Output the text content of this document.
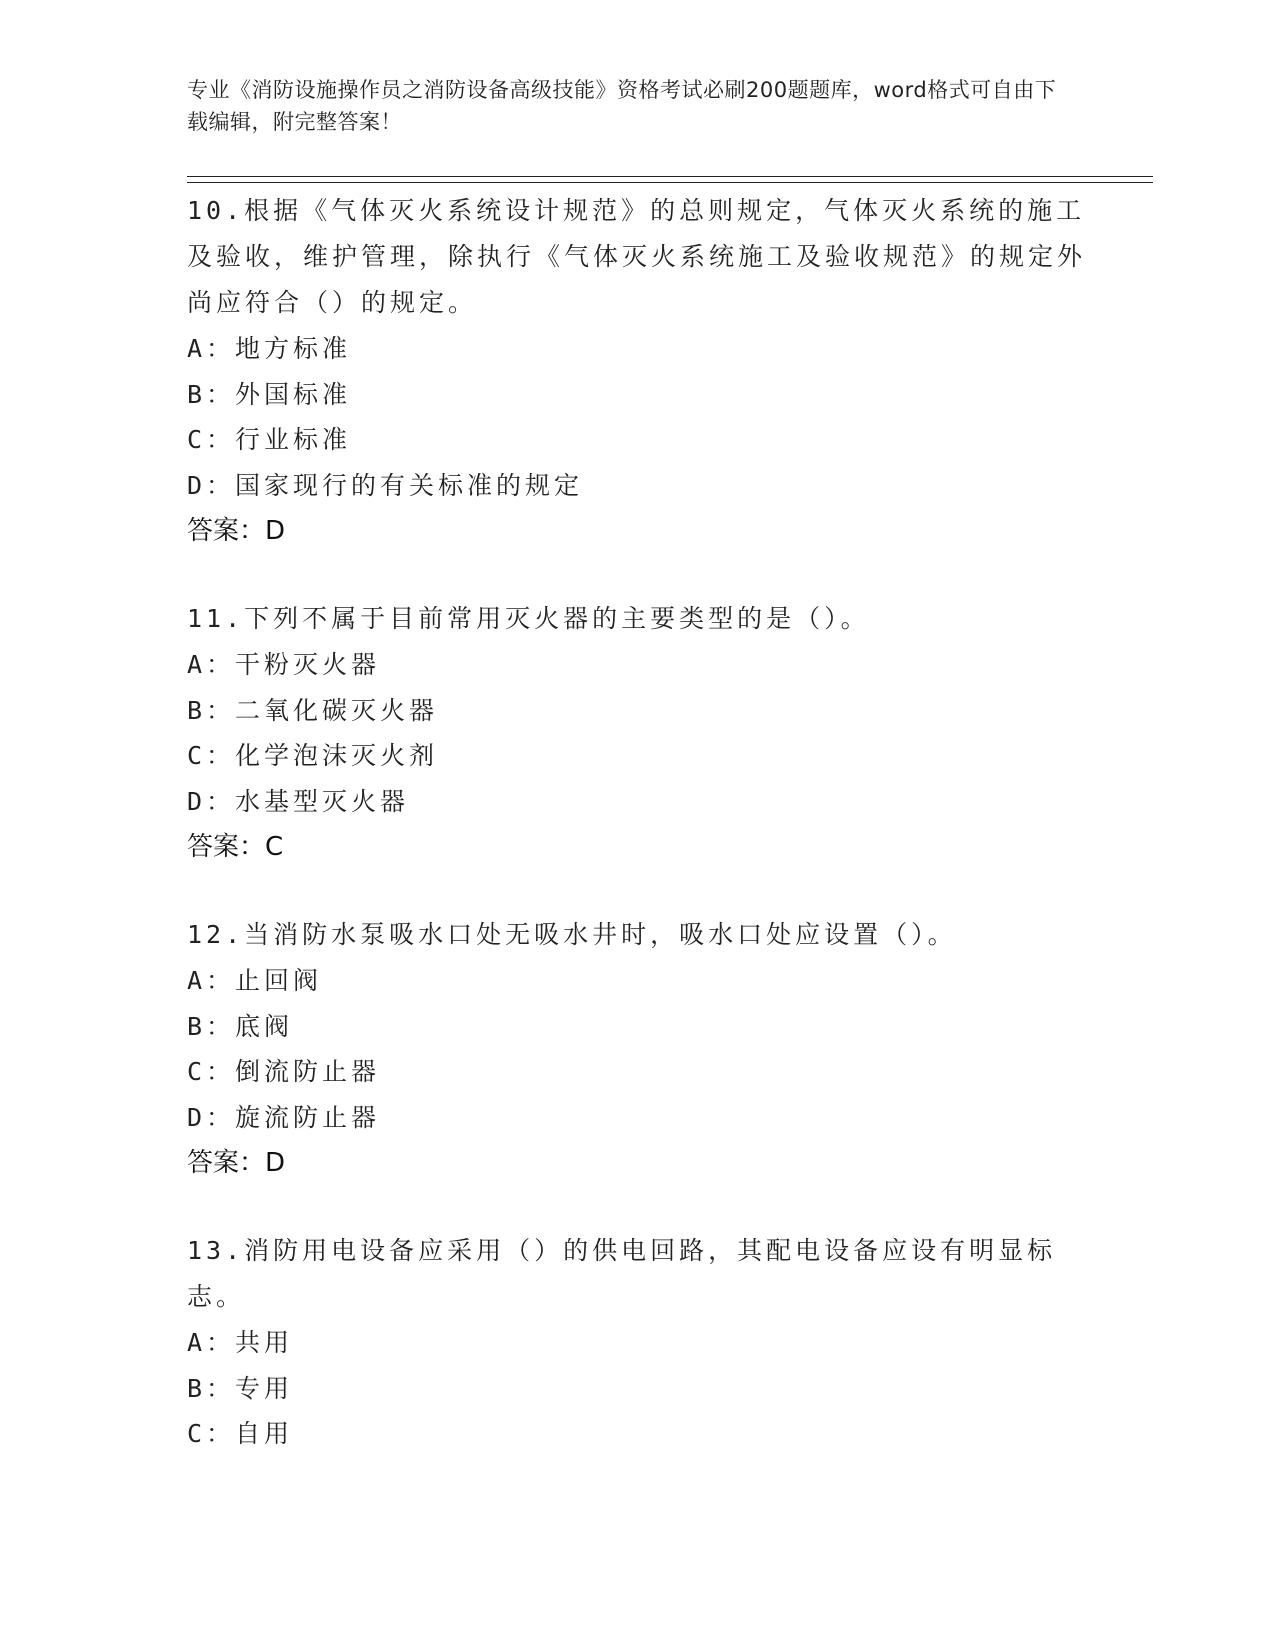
专业《消防设施操作员之消防设备高级技能》资格考试必刷200题题库，word格式可自由下载编辑，附完整答案！
10.根据《气体灭火系统设计规范》的总则规定，气体灭火系统的施工及验收，维护管理，除执行《气体灭火系统施工及验收规范》的规定外尚应符合（）的规定。
A：地方标准
B：外国标准
C：行业标准
D：国家现行的有关标准的规定
答案：D
11.下列不属于目前常用灭火器的主要类型的是（）。
A：干粉灭火器
B：二氧化碳灭火器
C：化学泡沫灭火剂
D：水基型灭火器
答案：C
12.当消防水泵吸水口处无吸水井时，吸水口处应设置（）。
A：止回阀
B：底阀
C：倒流防止器
D：旋流防止器
答案：D
13.消防用电设备应采用（）的供电回路，其配电设备应设有明显标志。
A：共用
B：专用
C：自用
